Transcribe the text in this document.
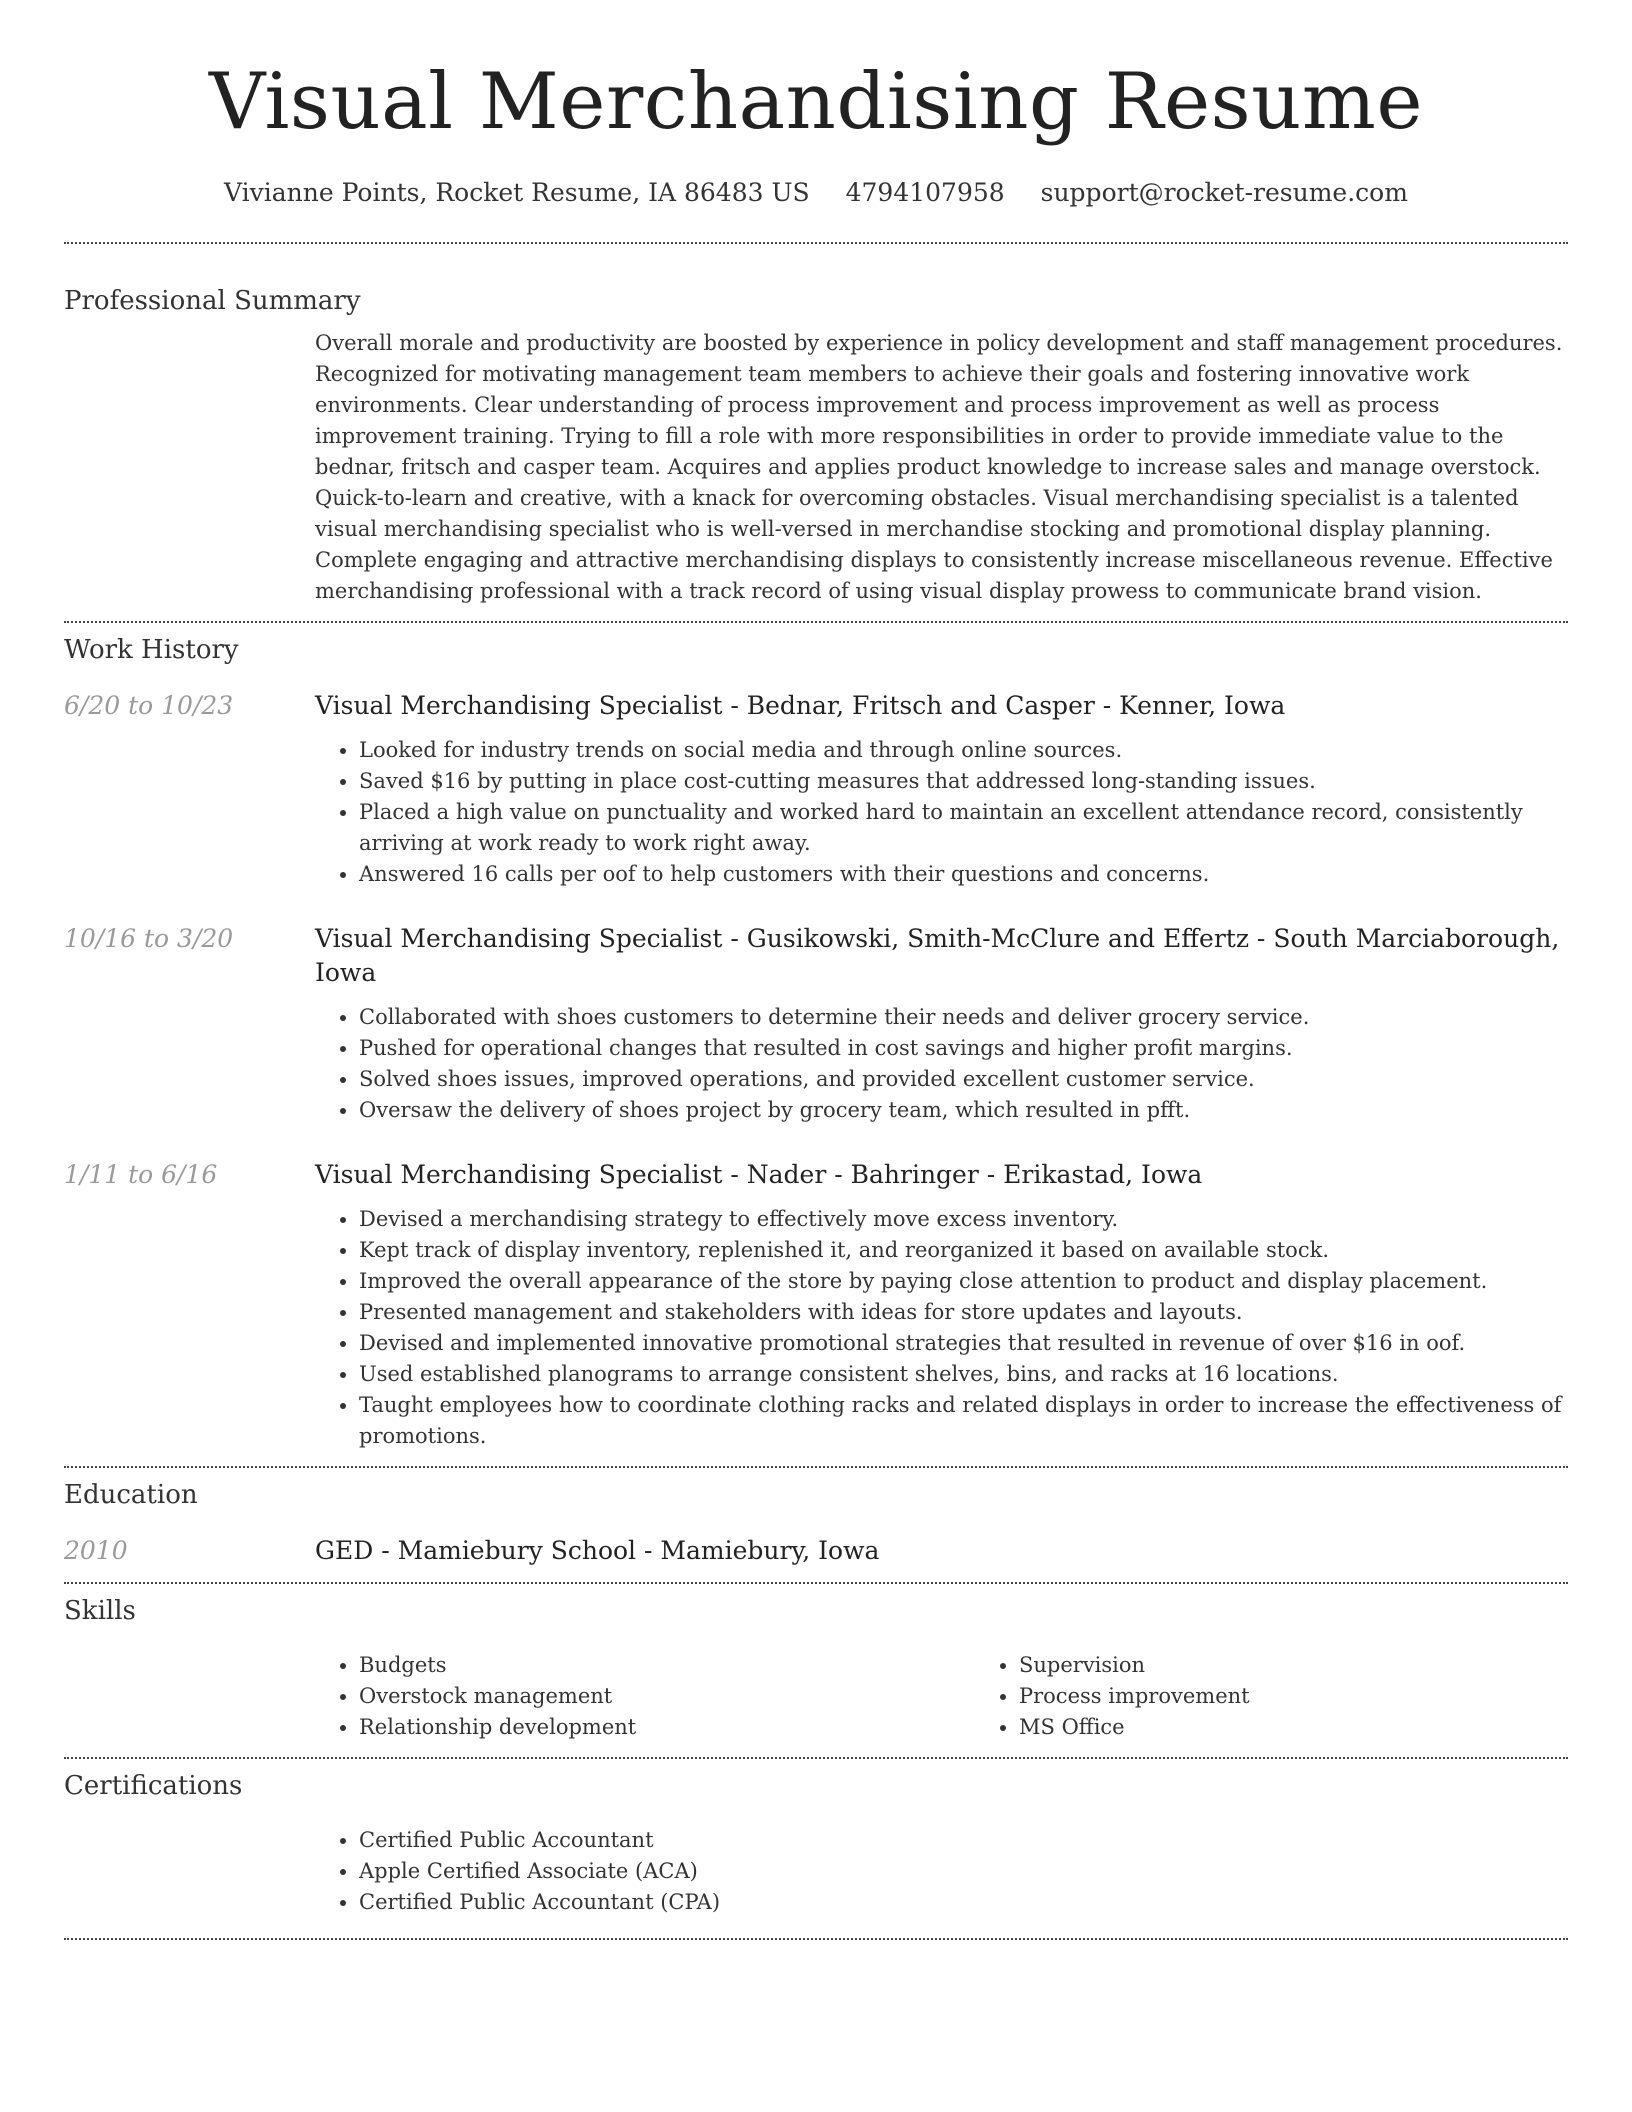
Visual Merchandising Resume
Vivianne Points, Rocket Resume, IA 86483 US 4794107958 support@rocket-resume.com
Professional Summary
Overall morale and productivity are boosted by experience in policy development and staff management procedures. Recognized for motivating management team members to achieve their goals and fostering innovative work environments. Clear understanding of process improvement and process improvement as well as process improvement training. Trying to fill a role with more responsibilities in order to provide immediate value to the bednar, fritsch and casper team. Acquires and applies product knowledge to increase sales and manage overstock. Quick-to-learn and creative, with a knack for overcoming obstacles. Visual merchandising specialist is a talented visual merchandising specialist who is well-versed in merchandise stocking and promotional display planning. Complete engaging and attractive merchandising displays to consistently increase miscellaneous revenue. Effective merchandising professional with a track record of using visual display prowess to communicate brand vision.
Work History
6/20 to 10/23	Visual Merchandising Specialist - Bednar, Fritsch and Casper - Kenner, Iowa
• Looked for industry trends on social media and through online sources.
• Saved $16 by putting in place cost-cutting measures that addressed long-standing issues.
• Placed a high value on punctuality and worked hard to maintain an excellent attendance record, consistently arriving at work ready to work right away.
• Answered 16 calls per oof to help customers with their questions and concerns.
10/16 to 3/20	Visual Merchandising Specialist - Gusikowski, Smith-McClure and Effertz - South Marciaborough, Iowa
• Collaborated with shoes customers to determine their needs and deliver grocery service.
• Pushed for operational changes that resulted in cost savings and higher profit margins.
• Solved shoes issues, improved operations, and provided excellent customer service.
• Oversaw the delivery of shoes project by grocery team, which resulted in pfft.
1/11 to 6/16	Visual Merchandising Specialist - Nader - Bahringer - Erikastad, Iowa
• Devised a merchandising strategy to effectively move excess inventory.
• Kept track of display inventory, replenished it, and reorganized it based on available stock.
• Improved the overall appearance of the store by paying close attention to product and display placement.
• Presented management and stakeholders with ideas for store updates and layouts.
• Devised and implemented innovative promotional strategies that resulted in revenue of over $16 in oof.
• Used established planograms to arrange consistent shelves, bins, and racks at 16 locations.
• Taught employees how to coordinate clothing racks and related displays in order to increase the effectiveness of promotions.
Education
2010	GED - Mamiebury School - Mamiebury, Iowa
Skills
• Budgets
• Overstock management
• Relationship development
• Supervision
• Process improvement
• MS Office
Certifications
• Certified Public Accountant
• Apple Certified Associate (ACA)
• Certified Public Accountant (CPA)
